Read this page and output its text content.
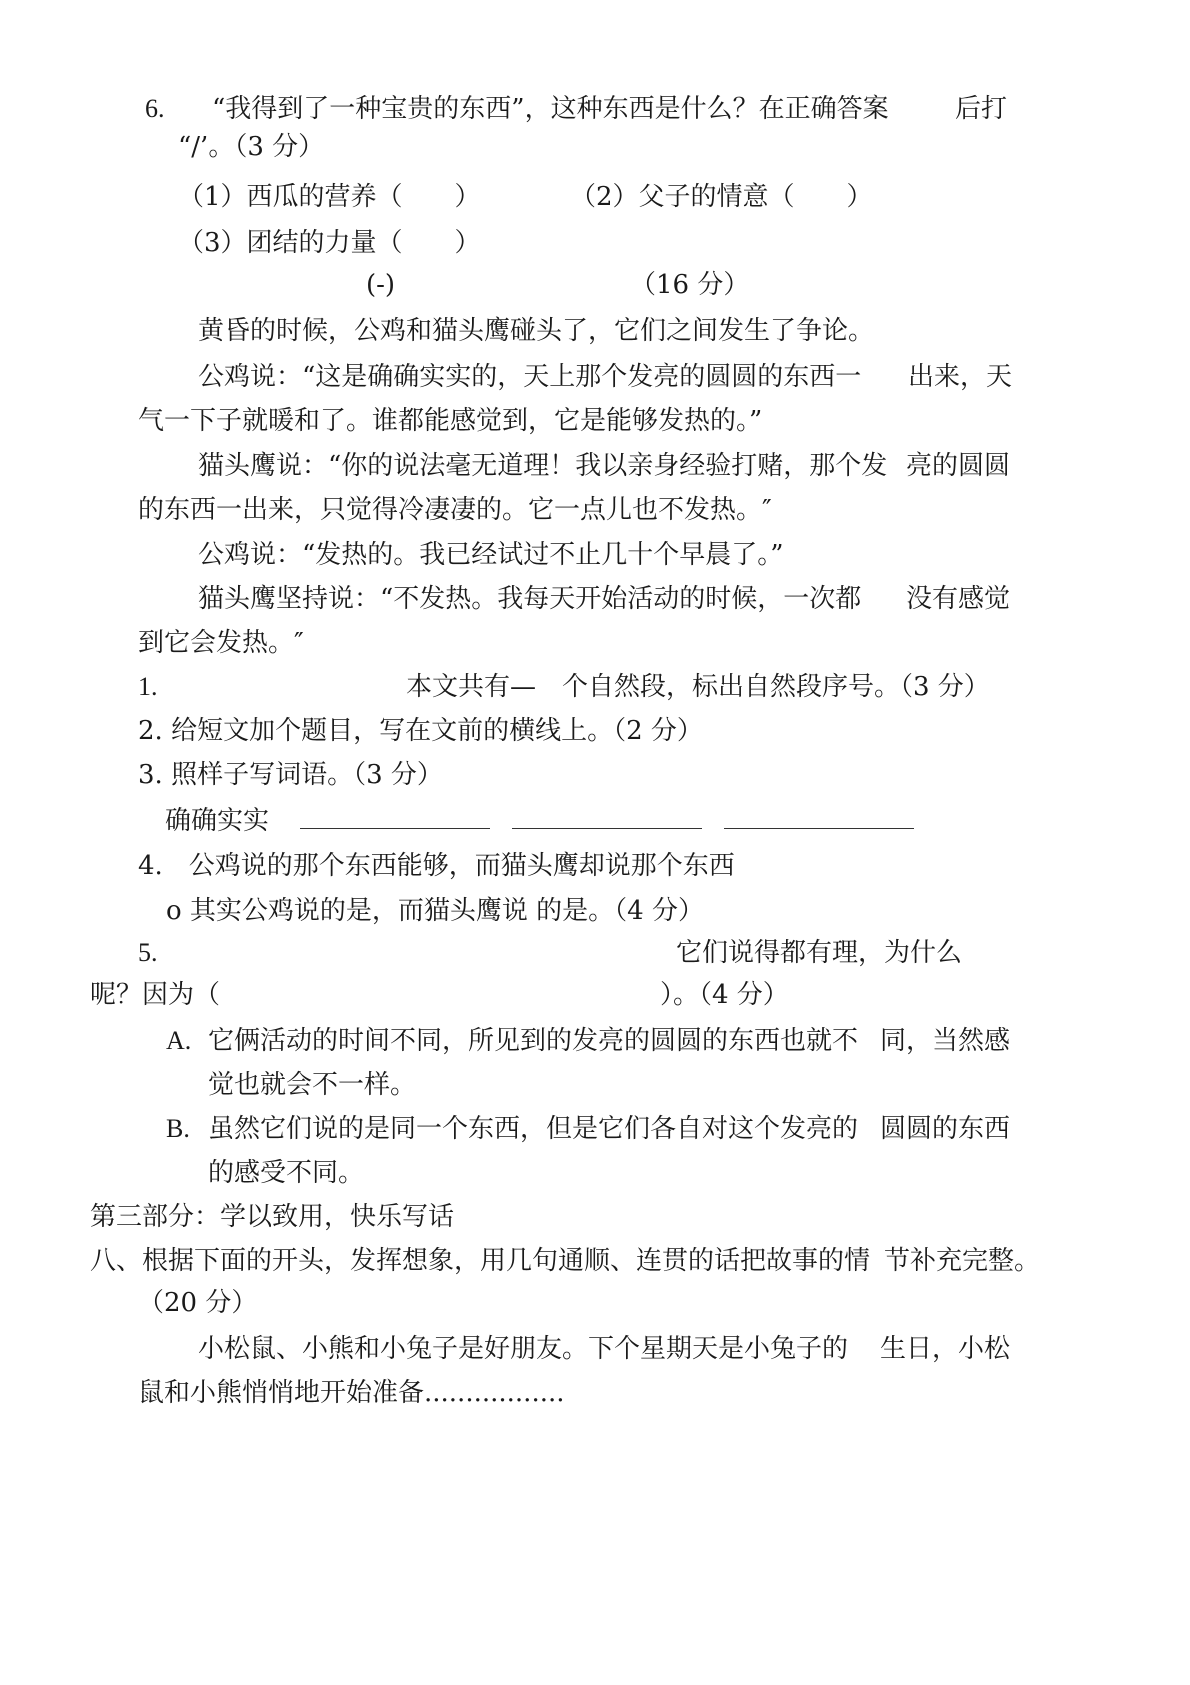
6. “我得到了一种宝贵的东西”，这种东西是什么？在正确答案	后打
“/’。（3 分）
（1）西瓜的营养（　　）	（2）父子的情意（　　）
（3）团结的力量（　　）
(-)	（16 分）
黄昏的时候，公鸡和猫头鹰碰头了，它们之间发生了争论。
公鸡说：“这是确确实实的，天上那个发亮的圆圆的东西一 出来，天
气一下子就暖和了。谁都能感觉到，它是能够发热的。”
猫头鹰说：“你的说法毫无道理！我以亲身经验打赌，那个发 亮的圆圆
的东西一出来，只觉得冷凄凄的。它一点儿也不发热。″
公鸡说：“发热的。我已经试过不止几十个早晨了。”
猫头鹰坚持说：“不发热。我每天开始活动的时候，一次都 没有感觉
到它会发热。″
1.	本文共有—　个自然段，标出自然段序号。（3 分）
2. 给短文加个题目，写在文前的横线上。（2 分）
3. 照样子写词语。（3 分）
确确实实
4.　公鸡说的那个东西能够，而猫头鹰却说那个东西
o 其实公鸡说的是，而猫头鹰说 的是。（4 分）
5.	它们说得都有理，为什么
呢？因为（	）。（4 分）
A. 它俩活动的时间不同，所见到的发亮的圆圆的东西也就不 同，当然感
觉也就会不一样。
B. 虽然它们说的是同一个东西，但是它们各自对这个发亮的 圆圆的东西
的感受不同。
第三部分：学以致用，快乐写话
八、根据下面的开头，发挥想象，用几句通顺、连贯的话把故事的情 节补充完整。
（20 分）
小松鼠、小熊和小兔子是好朋友。下个星期天是小兔子的 生日，小松
鼠和小熊悄悄地开始准备.................
